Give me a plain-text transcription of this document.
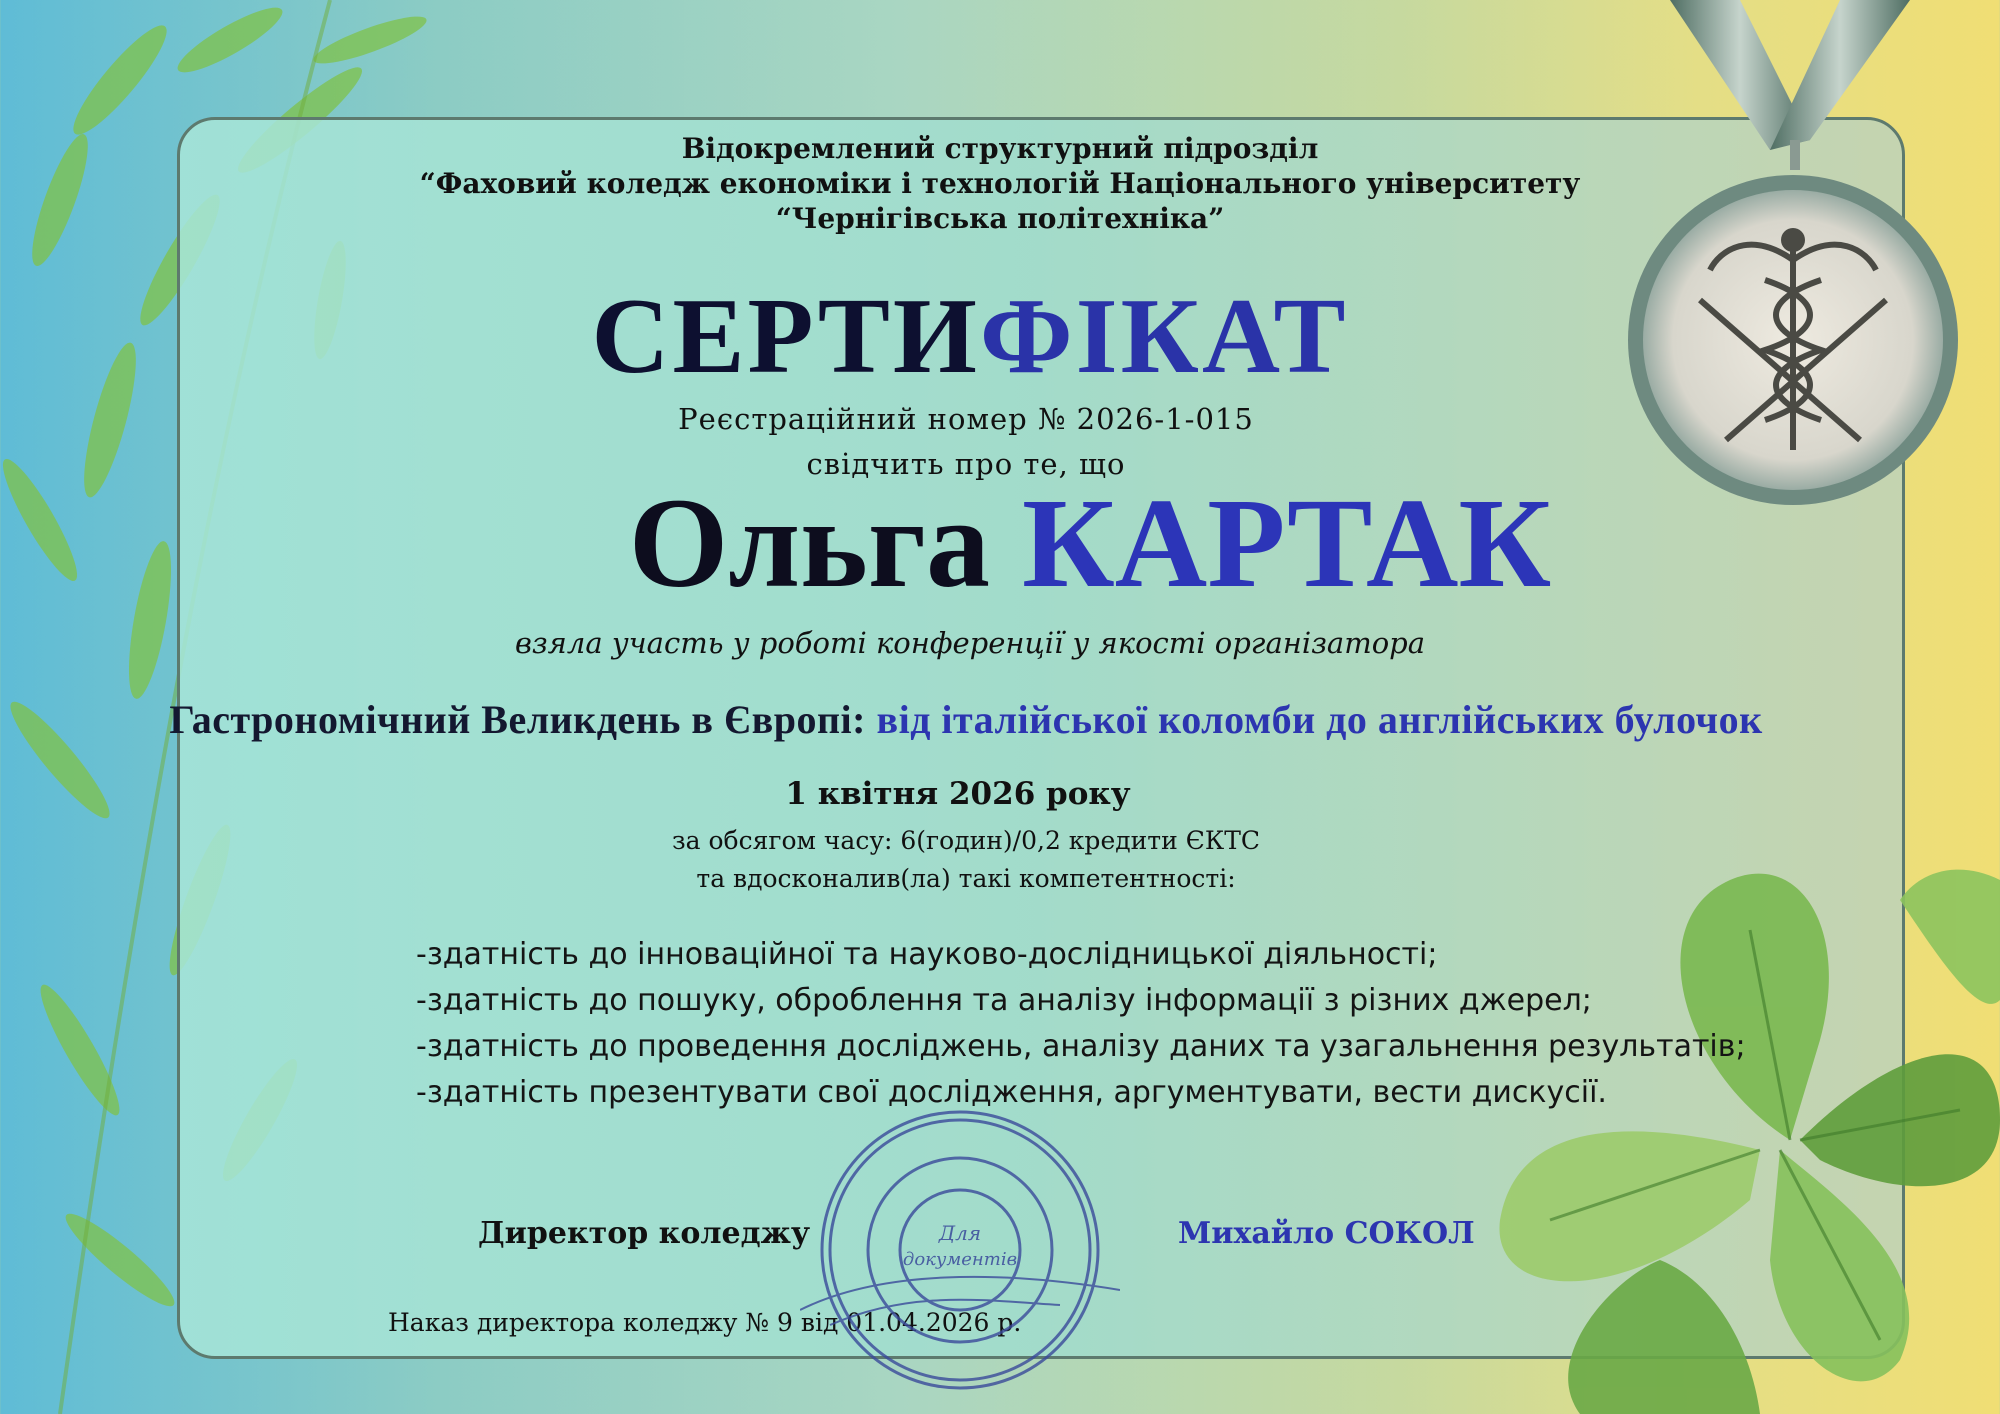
Відокремлений структурний підрозділ
“Фаховий коледж економіки і технологій Національного університету
“Чернігівська політехніка”
СЕРТИФІКАТ
Реєстраційний номер № 2026-1-015
свідчить про те, що
Ольга КАРТАК
взяла участь у роботі конференції у якості організатора
Гастрономічний Великдень в Європі: від італійської коломби до англійських булочок
1 квітня 2026 року
за обсягом часу: 6(годин)/0,2 кредити ЄКТС
та вдосконалив(ла) такі компетентності:
-здатність до інноваційної та науково-дослідницької діяльності;
-здатність до пошуку, оброблення та аналізу інформації з різних джерел;
-здатність до проведення досліджень, аналізу даних та узагальнення результатів;
-здатність презентувати свої дослідження, аргументувати, вести дискусії.
Директор коледжу	Михайло СОКОЛ
Наказ директора коледжу № 9 від 01.04.2026 р.
Для
документів
